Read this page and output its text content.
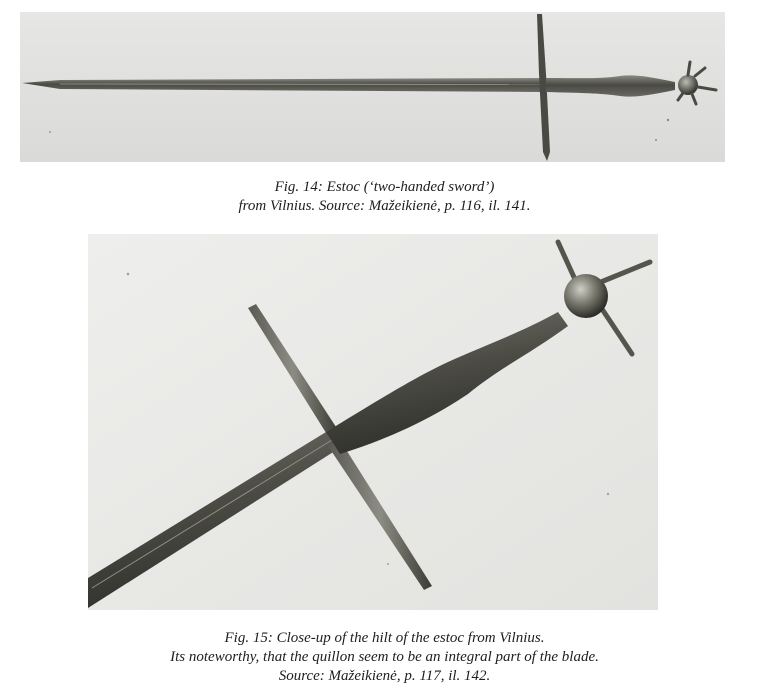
Fig. 14: Estoc (‘two-handed sword’)
from Vilnius. Source: Mažeikienė, p. 116, il. 141.
Fig. 15: Close-up of the hilt of the estoc from Vilnius.
Its noteworthy, that the quillon seem to be an integral part of the blade.
Source: Mažeikienė, p. 117, il. 142.
